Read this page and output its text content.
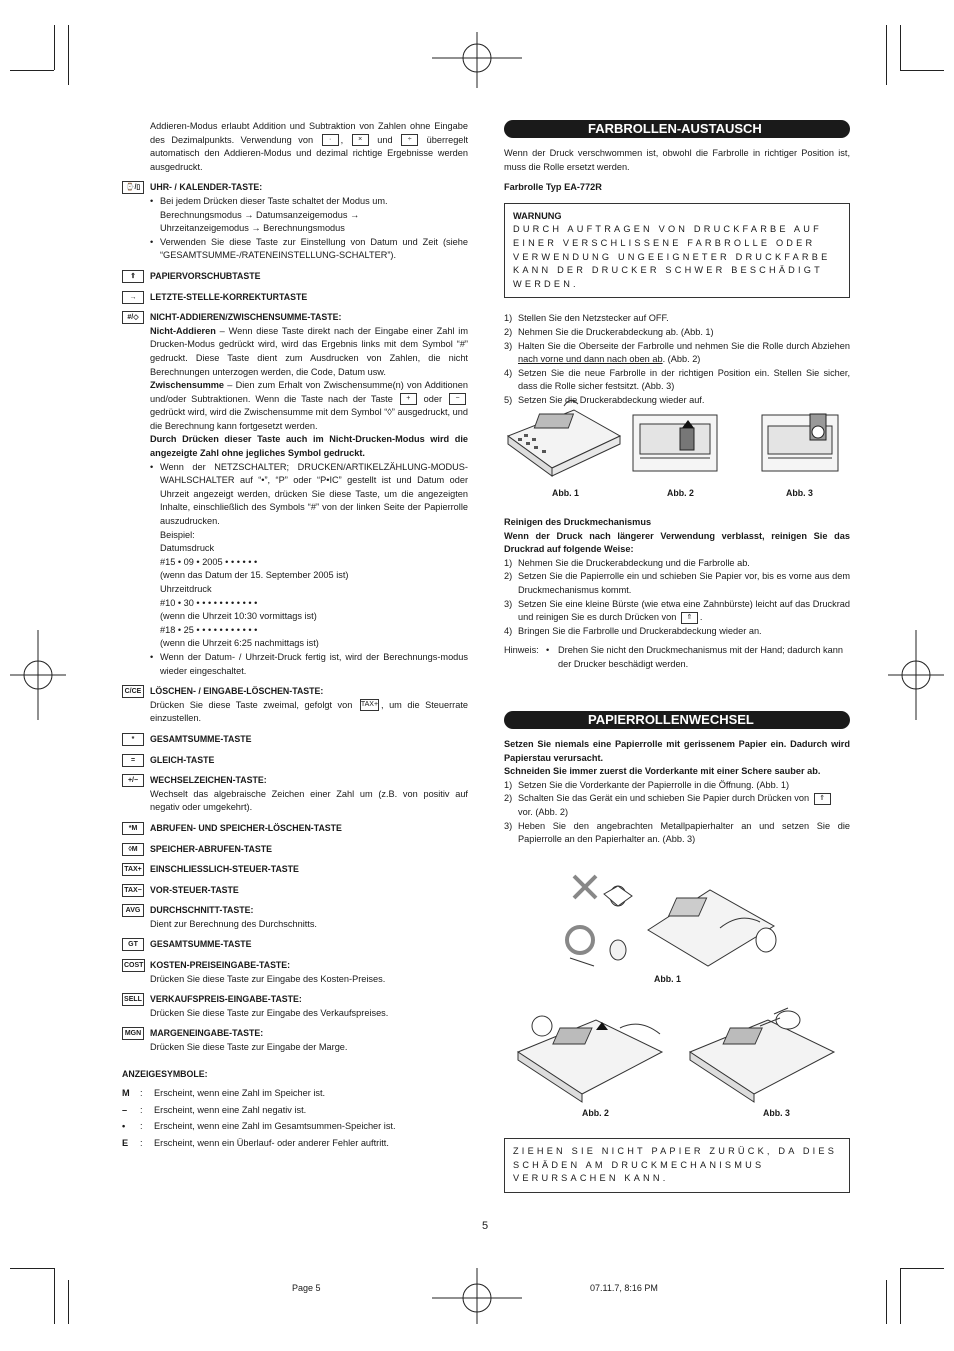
Addieren-Modus erlaubt Addition und Subtraktion von Zahlen ohne Eingabe des Dezimalpunkts. Verwendung von · , × und ÷ überregelt automatisch den Addieren-Modus und dezimal richtige Ergebnisse werden ausgedruckt.
⌚/▯	UHR- / KALENDER-TASTE:
• Bei jedem Drücken dieser Taste schaltet der Modus um.
Berechnungsmodus → Datumsanzeigemodus →
Uhrzeitanzeigemodus → Berechnungsmodus
• Verwenden Sie diese Taste zur Einstellung von Datum und Zeit (siehe “GESAMTSUMME-/RATENEINSTELLUNG-SCHALTER”).
⇑	PAPIERVORSCHUBTASTE
→	LETZTE-STELLE-KORREKTURTASTE
#/◇	NICHT-ADDIEREN/ZWISCHENSUMME-TASTE:
Nicht-Addieren – Wenn diese Taste direkt nach der Eingabe einer Zahl im Drucken-Modus gedrückt wird, wird das Ergebnis links mit dem Symbol “#” gedruckt. Diese Taste dient zum Ausdrucken von Zahlen, die nicht Berechnungen unterzogen werden, die Code, Datum usw.
Zwischensumme – Dien zum Erhalt von Zwischensumme(n) von Additionen und/oder Subtraktionen. Wenn die Taste nach der Taste + oder − gedrückt wird, wird die Zwischensumme mit dem Symbol “◊” ausgedruckt, und die Berechnung kann fortgesetzt werden.
Durch Drücken dieser Taste auch im Nicht-Drucken-Modus wird die angezeigte Zahl ohne jegliches Symbol gedruckt.
• Wenn der NETZSCHALTER; DRUCKEN/ARTIKELZÄHLUNG-MODUS-WAHLSCHALTER auf “•”, “P” oder “P•IC” gestellt ist und Datum oder Uhrzeit angezeigt werden, drücken Sie diese Taste, um die angezeigten Inhalte, einschließlich des Symbols “#” von der linken Seite der Papierrolle auszudrucken.
Beispiel:
Datumsdruck
#15 • 09 • 2005 • • • • • •
(wenn das Datum der 15. September 2005 ist)
Uhrzeitdruck
#10 • 30 • • • • • • • • • • •
(wenn die Uhrzeit 10:30 vormittags ist)
#18 • 25 • • • • • • • • • • •
(wenn die Uhrzeit 6:25 nachmittags ist)
• Wenn der Datum- / Uhrzeit-Druck fertig ist, wird der Berechnungs-modus wieder eingeschaltet.
C/CE LÖSCHEN- / EINGABE-LÖSCHEN-TASTE:
Drücken Sie diese Taste zweimal, gefolgt von TAX+ , um die Steuerrate einzustellen.
*	GESAMTSUMME-TASTE
=	GLEICH-TASTE
+/−	WECHSELZEICHEN-TASTE:
Wechselt das algebraische Zeichen einer Zahl um (z.B. von positiv auf negativ oder umgekehrt).
*M	ABRUFEN- UND SPEICHER-LÖSCHEN-TASTE
◊M	SPEICHER-ABRUFEN-TASTE
TAX+ EINSCHLIESSLICH-STEUER-TASTE
TAX− VOR-STEUER-TASTE
AVG	DURCHSCHNITT-TASTE:
Dient zur Berechnung des Durchschnitts.
GT	GESAMTSUMME-TASTE
COST KOSTEN-PREISEINGABE-TASTE:
Drücken Sie diese Taste zur Eingabe des Kosten-Preises.
SELL VERKAUFSPREIS-EINGABE-TASTE:
Drücken Sie diese Taste zur Eingabe des Verkaufspreises.
MGN	MARGENEINGABE-TASTE:
Drücken Sie diese Taste zur Eingabe der Marge.
ANZEIGESYMBOLE:
M	:	Erscheint, wenn eine Zahl im Speicher ist.
–	:	Erscheint, wenn eine Zahl negativ ist.
•	:	Erscheint, wenn eine Zahl im Gesamtsummen-Speicher ist.
E	:	Erscheint, wenn ein Überlauf- oder anderer Fehler auftritt.
FARBROLLEN-AUSTAUSCH
Wenn der Druck verschwommen ist, obwohl die Farbrolle in richtiger Position ist, muss die Rolle ersetzt werden.
Farbrolle Typ EA-772R
WARNUNG
DURCH AUFTRAGEN VON DRUCKFARBE AUF EINER VERSCHLISSENE FARBROLLE ODER VERWENDUNG UNGEEIGNETER DRUCKFARBE KANN DER DRUCKER SCHWER BESCHÄDIGT WERDEN.
1) Stellen Sie den Netzstecker auf OFF.
2) Nehmen Sie die Druckerabdeckung ab. (Abb. 1)
3) Halten Sie die Oberseite der Farbrolle und nehmen Sie die Rolle durch Abziehen nach vorne und dann nach oben ab. (Abb. 2)
4) Setzen Sie die neue Farbrolle in der richtigen Position ein. Stellen Sie sicher, dass die Rolle sicher festsitzt. (Abb. 3)
5) Setzen Sie die Druckerabdeckung wieder auf.
Abb. 1	Abb. 2	Abb. 3
Reinigen des Druckmechanismus
Wenn der Druck nach längerer Verwendung verblasst, reinigen Sie das Druckrad auf folgende Weise:
1) Nehmen Sie die Druckerabdeckung und die Farbrolle ab.
2) Setzen Sie die Papierrolle ein und schieben Sie Papier vor, bis es vorne aus dem Druckmechanismus kommt.
3) Setzen Sie eine kleine Bürste (wie etwa eine Zahnbürste) leicht auf das Druckrad und reinigen Sie es durch Drücken von ⇑ .
4) Bringen Sie die Farbrolle und Druckerabdeckung wieder an.
Hinweis: • Drehen Sie nicht den Druckmechanismus mit der Hand; dadurch kann der Drucker beschädigt werden.
PAPIERROLLENWECHSEL
Setzen Sie niemals eine Papierrolle mit gerissenem Papier ein. Dadurch wird Papierstau verursacht.
Schneiden Sie immer zuerst die Vorderkante mit einer Schere sauber ab.
1) Setzen Sie die Vorderkante der Papierrolle in die Öffnung. (Abb. 1)
2) Schalten Sie das Gerät ein und schieben Sie Papier durch Drücken von ⇑
vor. (Abb. 2)
3) Heben Sie den angebrachten Metallpapierhalter an und setzen Sie die Papierrolle an den Papierhalter an. (Abb. 3)
Abb. 1
Abb. 2	Abb. 3
ZIEHEN SIE NICHT PAPIER ZURÜCK, DA DIES SCHÄDEN AM DRUCKMECHANISMUS VERURSACHEN KANN.
5
Page 5	07.11.7, 8:16 PM
